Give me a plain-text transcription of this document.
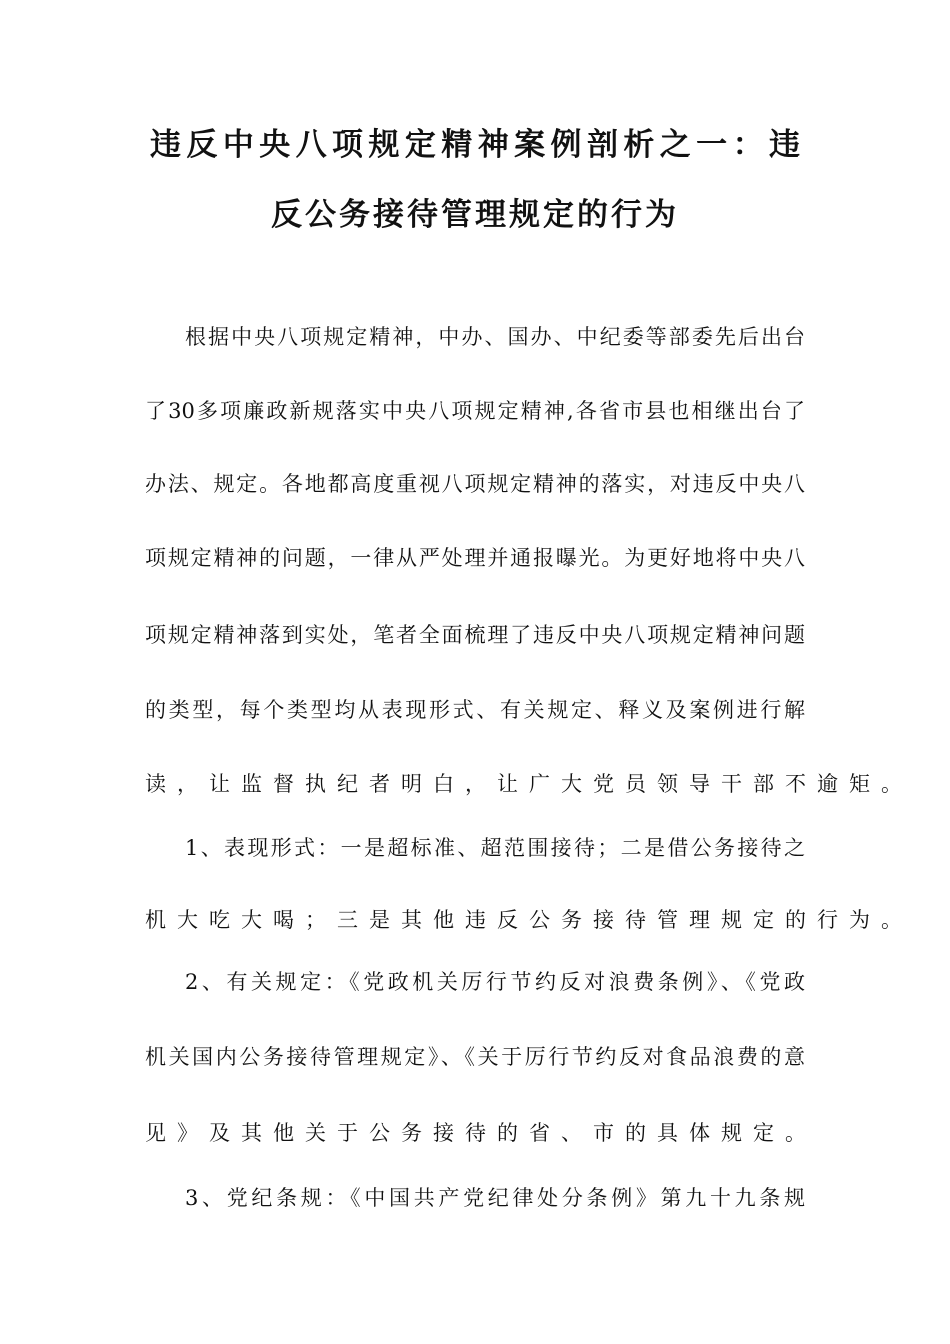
违反中央八项规定精神案例剖析之一：违
反公务接待管理规定的行为
根据中央八项规定精神，中办、国办、中纪委等部委先后出台
了30多项廉政新规落实中央八项规定精神,各省市县也相继出台了
办法、规定。各地都高度重视八项规定精神的落实，对违反中央八
项规定精神的问题，一律从严处理并通报曝光。为更好地将中央八
项规定精神落到实处，笔者全面梳理了违反中央八项规定精神问题
的类型，每个类型均从表现形式、有关规定、释义及案例进行解
读，让监督执纪者明白，让广大党员领导干部不逾矩。
1、表现形式：一是超标准、超范围接待；二是借公务接待之
机大吃大喝；三是其他违反公务接待管理规定的行为。
2、有关规定：《党政机关厉行节约反对浪费条例》、《党政
机关国内公务接待管理规定》、《关于厉行节约反对食品浪费的意
见》及其他关于公务接待的省、市的具体规定。
3、党纪条规：《中国共产党纪律处分条例》第九十九条规
